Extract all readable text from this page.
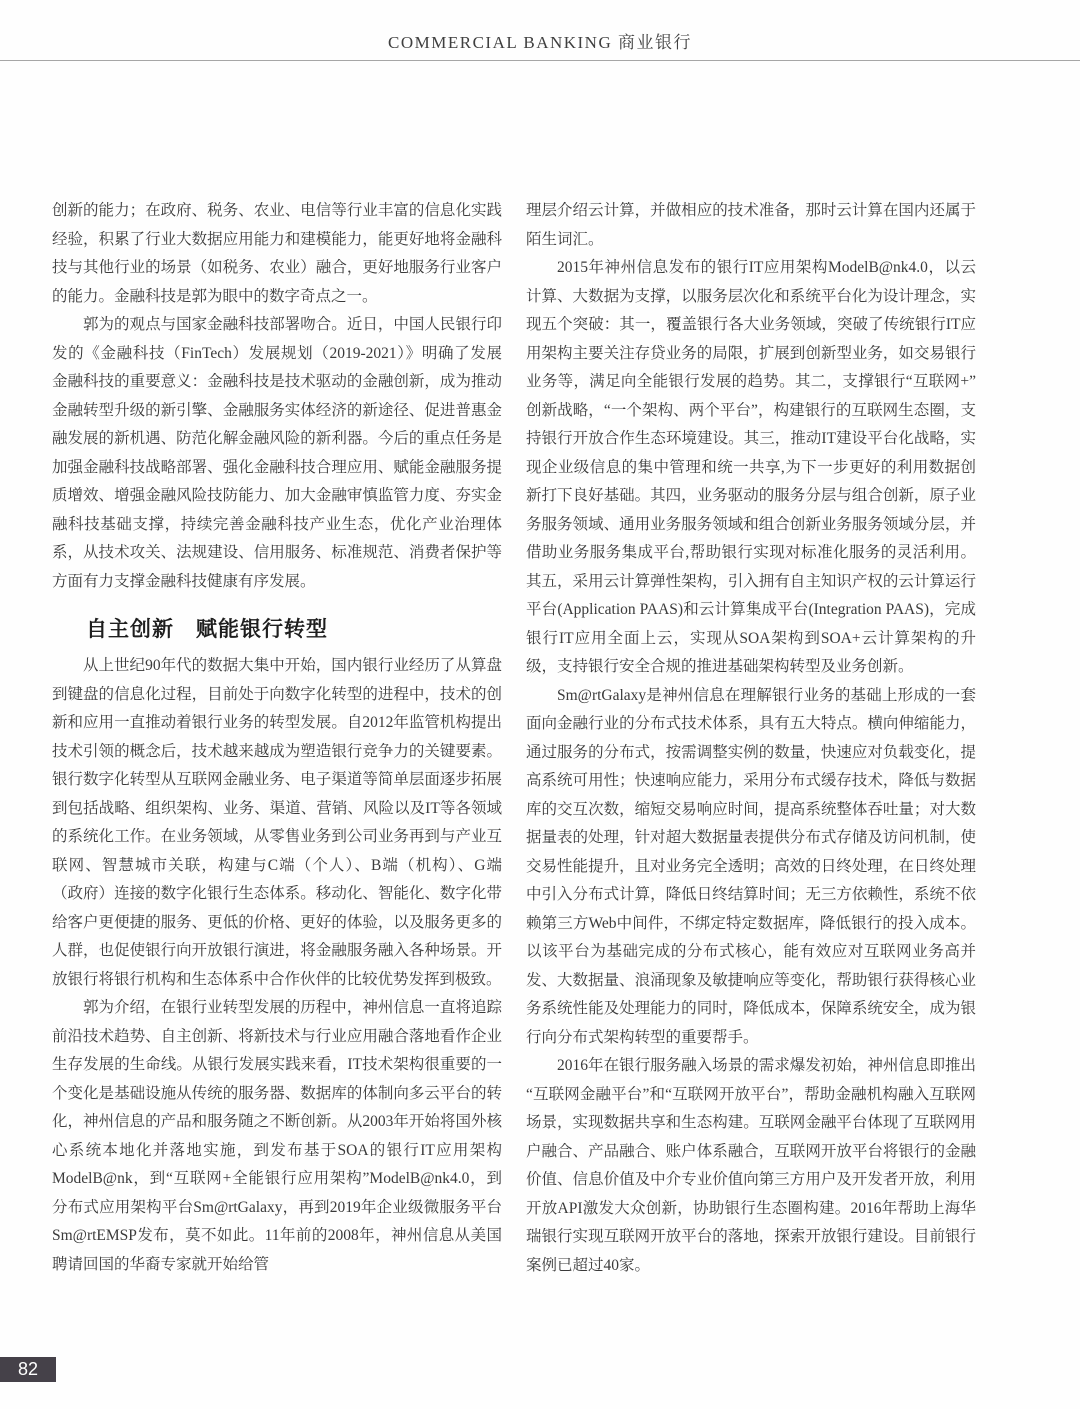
COMMERCIAL BANKING 商业银行

创新的能力；在政府、税务、农业、电信等行业丰富的信息化实践经验，积累了行业大数据应用能力和建模能力，能更好地将金融科技与其他行业的场景（如税务、农业）融合，更好地服务行业客户的能力。金融科技是郭为眼中的数字奇点之一。

郭为的观点与国家金融科技部署吻合。近日，中国人民银行印发的《金融科技（FinTech）发展规划（2019-2021）》明确了发展金融科技的重要意义：金融科技是技术驱动的金融创新，成为推动金融转型升级的新引擎、金融服务实体经济的新途径、促进普惠金融发展的新机遇、防范化解金融风险的新利器。今后的重点任务是加强金融科技战略部署、强化金融科技合理应用、赋能金融服务提质增效、增强金融风险技防能力、加大金融审慎监管力度、夯实金融科技基础支撑，持续完善金融科技产业生态，优化产业治理体系，从技术攻关、法规建设、信用服务、标准规范、消费者保护等方面有力支撑金融科技健康有序发展。

自主创新　赋能银行转型

从上世纪90年代的数据大集中开始，国内银行业经历了从算盘到键盘的信息化过程，目前处于向数字化转型的进程中，技术的创新和应用一直推动着银行业务的转型发展。自2012年监管机构提出技术引领的概念后，技术越来越成为塑造银行竞争力的关键要素。银行数字化转型从互联网金融业务、电子渠道等简单层面逐步拓展到包括战略、组织架构、业务、渠道、营销、风险以及IT等各领域的系统化工作。在业务领域，从零售业务到公司业务再到与产业互联网、智慧城市关联，构建与C端（个人）、B端（机构）、G端（政府）连接的数字化银行生态体系。移动化、智能化、数字化带给客户更便捷的服务、更低的价格、更好的体验，以及服务更多的人群，也促使银行向开放银行演进，将金融服务融入各种场景。开放银行将银行机构和生态体系中合作伙伴的比较优势发挥到极致。

郭为介绍，在银行业转型发展的历程中，神州信息一直将追踪前沿技术趋势、自主创新、将新技术与行业应用融合落地看作企业生存发展的生命线。从银行发展实践来看，IT技术架构很重要的一个变化是基础设施从传统的服务器、数据库的体制向多云平台的转化，神州信息的产品和服务随之不断创新。从2003年开始将国外核心系统本地化并落地实施，到发布基于SOA的银行IT应用架构ModelB@nk，到“互联网+全能银行应用架构”ModelB@nk4.0，到分布式应用架构平台Sm@rtGalaxy，再到2019年企业级微服务平台Sm@rtEMSP发布，莫不如此。11年前的2008年，神州信息从美国聘请回国的华裔专家就开始给管

理层介绍云计算，并做相应的技术准备，那时云计算在国内还属于陌生词汇。

2015年神州信息发布的银行IT应用架构ModelB@nk4.0，以云计算、大数据为支撑，以服务层次化和系统平台化为设计理念，实现五个突破：其一，覆盖银行各大业务领域，突破了传统银行IT应用架构主要关注存贷业务的局限，扩展到创新型业务，如交易银行业务等，满足向全能银行发展的趋势。其二，支撑银行“互联网+”创新战略，“一个架构、两个平台”，构建银行的互联网生态圈，支持银行开放合作生态环境建设。其三，推动IT建设平台化战略，实现企业级信息的集中管理和统一共享,为下一步更好的利用数据创新打下良好基础。其四，业务驱动的服务分层与组合创新，原子业务服务领域、通用业务服务领域和组合创新业务服务领域分层，并借助业务服务集成平台,帮助银行实现对标准化服务的灵活利用。其五，采用云计算弹性架构，引入拥有自主知识产权的云计算运行平台(Application PAAS)和云计算集成平台(Integration PAAS)，完成银行IT应用全面上云，实现从SOA架构到SOA+云计算架构的升级，支持银行安全合规的推进基础架构转型及业务创新。

Sm@rtGalaxy是神州信息在理解银行业务的基础上形成的一套面向金融行业的分布式技术体系，具有五大特点。横向伸缩能力，通过服务的分布式，按需调整实例的数量，快速应对负载变化，提高系统可用性；快速响应能力，采用分布式缓存技术，降低与数据库的交互次数，缩短交易响应时间，提高系统整体吞吐量；对大数据量表的处理，针对超大数据量表提供分布式存储及访问机制，使交易性能提升，且对业务完全透明；高效的日终处理，在日终处理中引入分布式计算，降低日终结算时间；无三方依赖性，系统不依赖第三方Web中间件，不绑定特定数据库，降低银行的投入成本。以该平台为基础完成的分布式核心，能有效应对互联网业务高并发、大数据量、浪涌现象及敏捷响应等变化，帮助银行获得核心业务系统性能及处理能力的同时，降低成本，保障系统安全，成为银行向分布式架构转型的重要帮手。

2016年在银行服务融入场景的需求爆发初始，神州信息即推出“互联网金融平台”和“互联网开放平台”，帮助金融机构融入互联网场景，实现数据共享和生态构建。互联网金融平台体现了互联网用户融合、产品融合、账户体系融合，互联网开放平台将银行的金融价值、信息价值及中介专业价值向第三方用户及开发者开放，利用开放API激发大众创新，协助银行生态圈构建。2016年帮助上海华瑞银行实现互联网开放平台的落地，探索开放银行建设。目前银行案例已超过40家。

82
